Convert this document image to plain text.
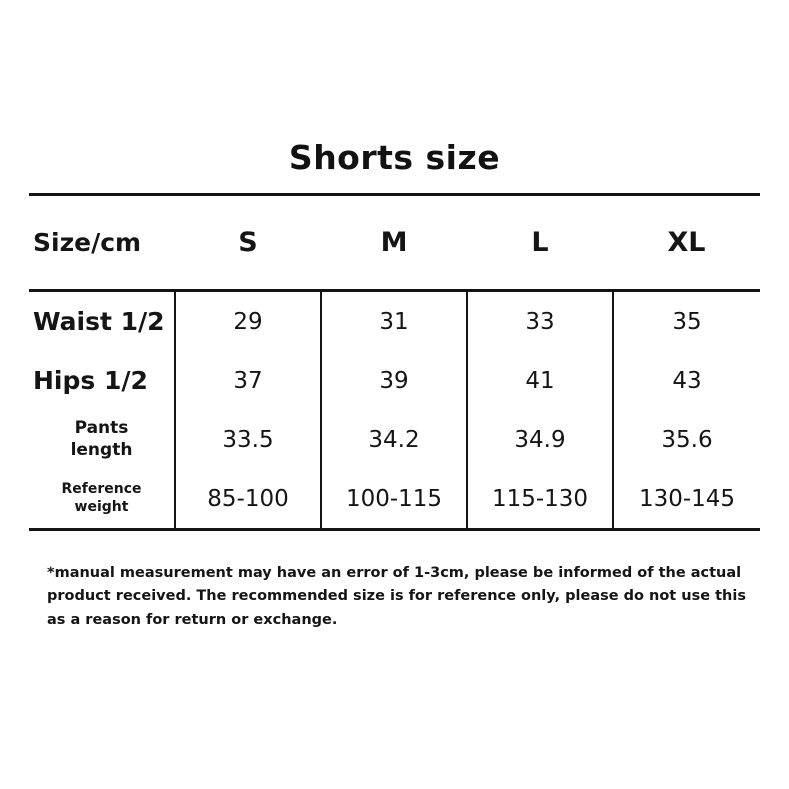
Shorts size
Size/cm	S	M	L	XL
Waist 1/2	29	31	33	35
Hips 1/2	37	39	41	43

Pants
length	33.5	34.2	34.9	35.6

Reference
weight	85-100	100-115	115-130	130-145
*manual measurement may have an error of 1-3cm, please be informed of the actual product received. The recommended size is for reference only, please do not use this as a reason for return or exchange.
